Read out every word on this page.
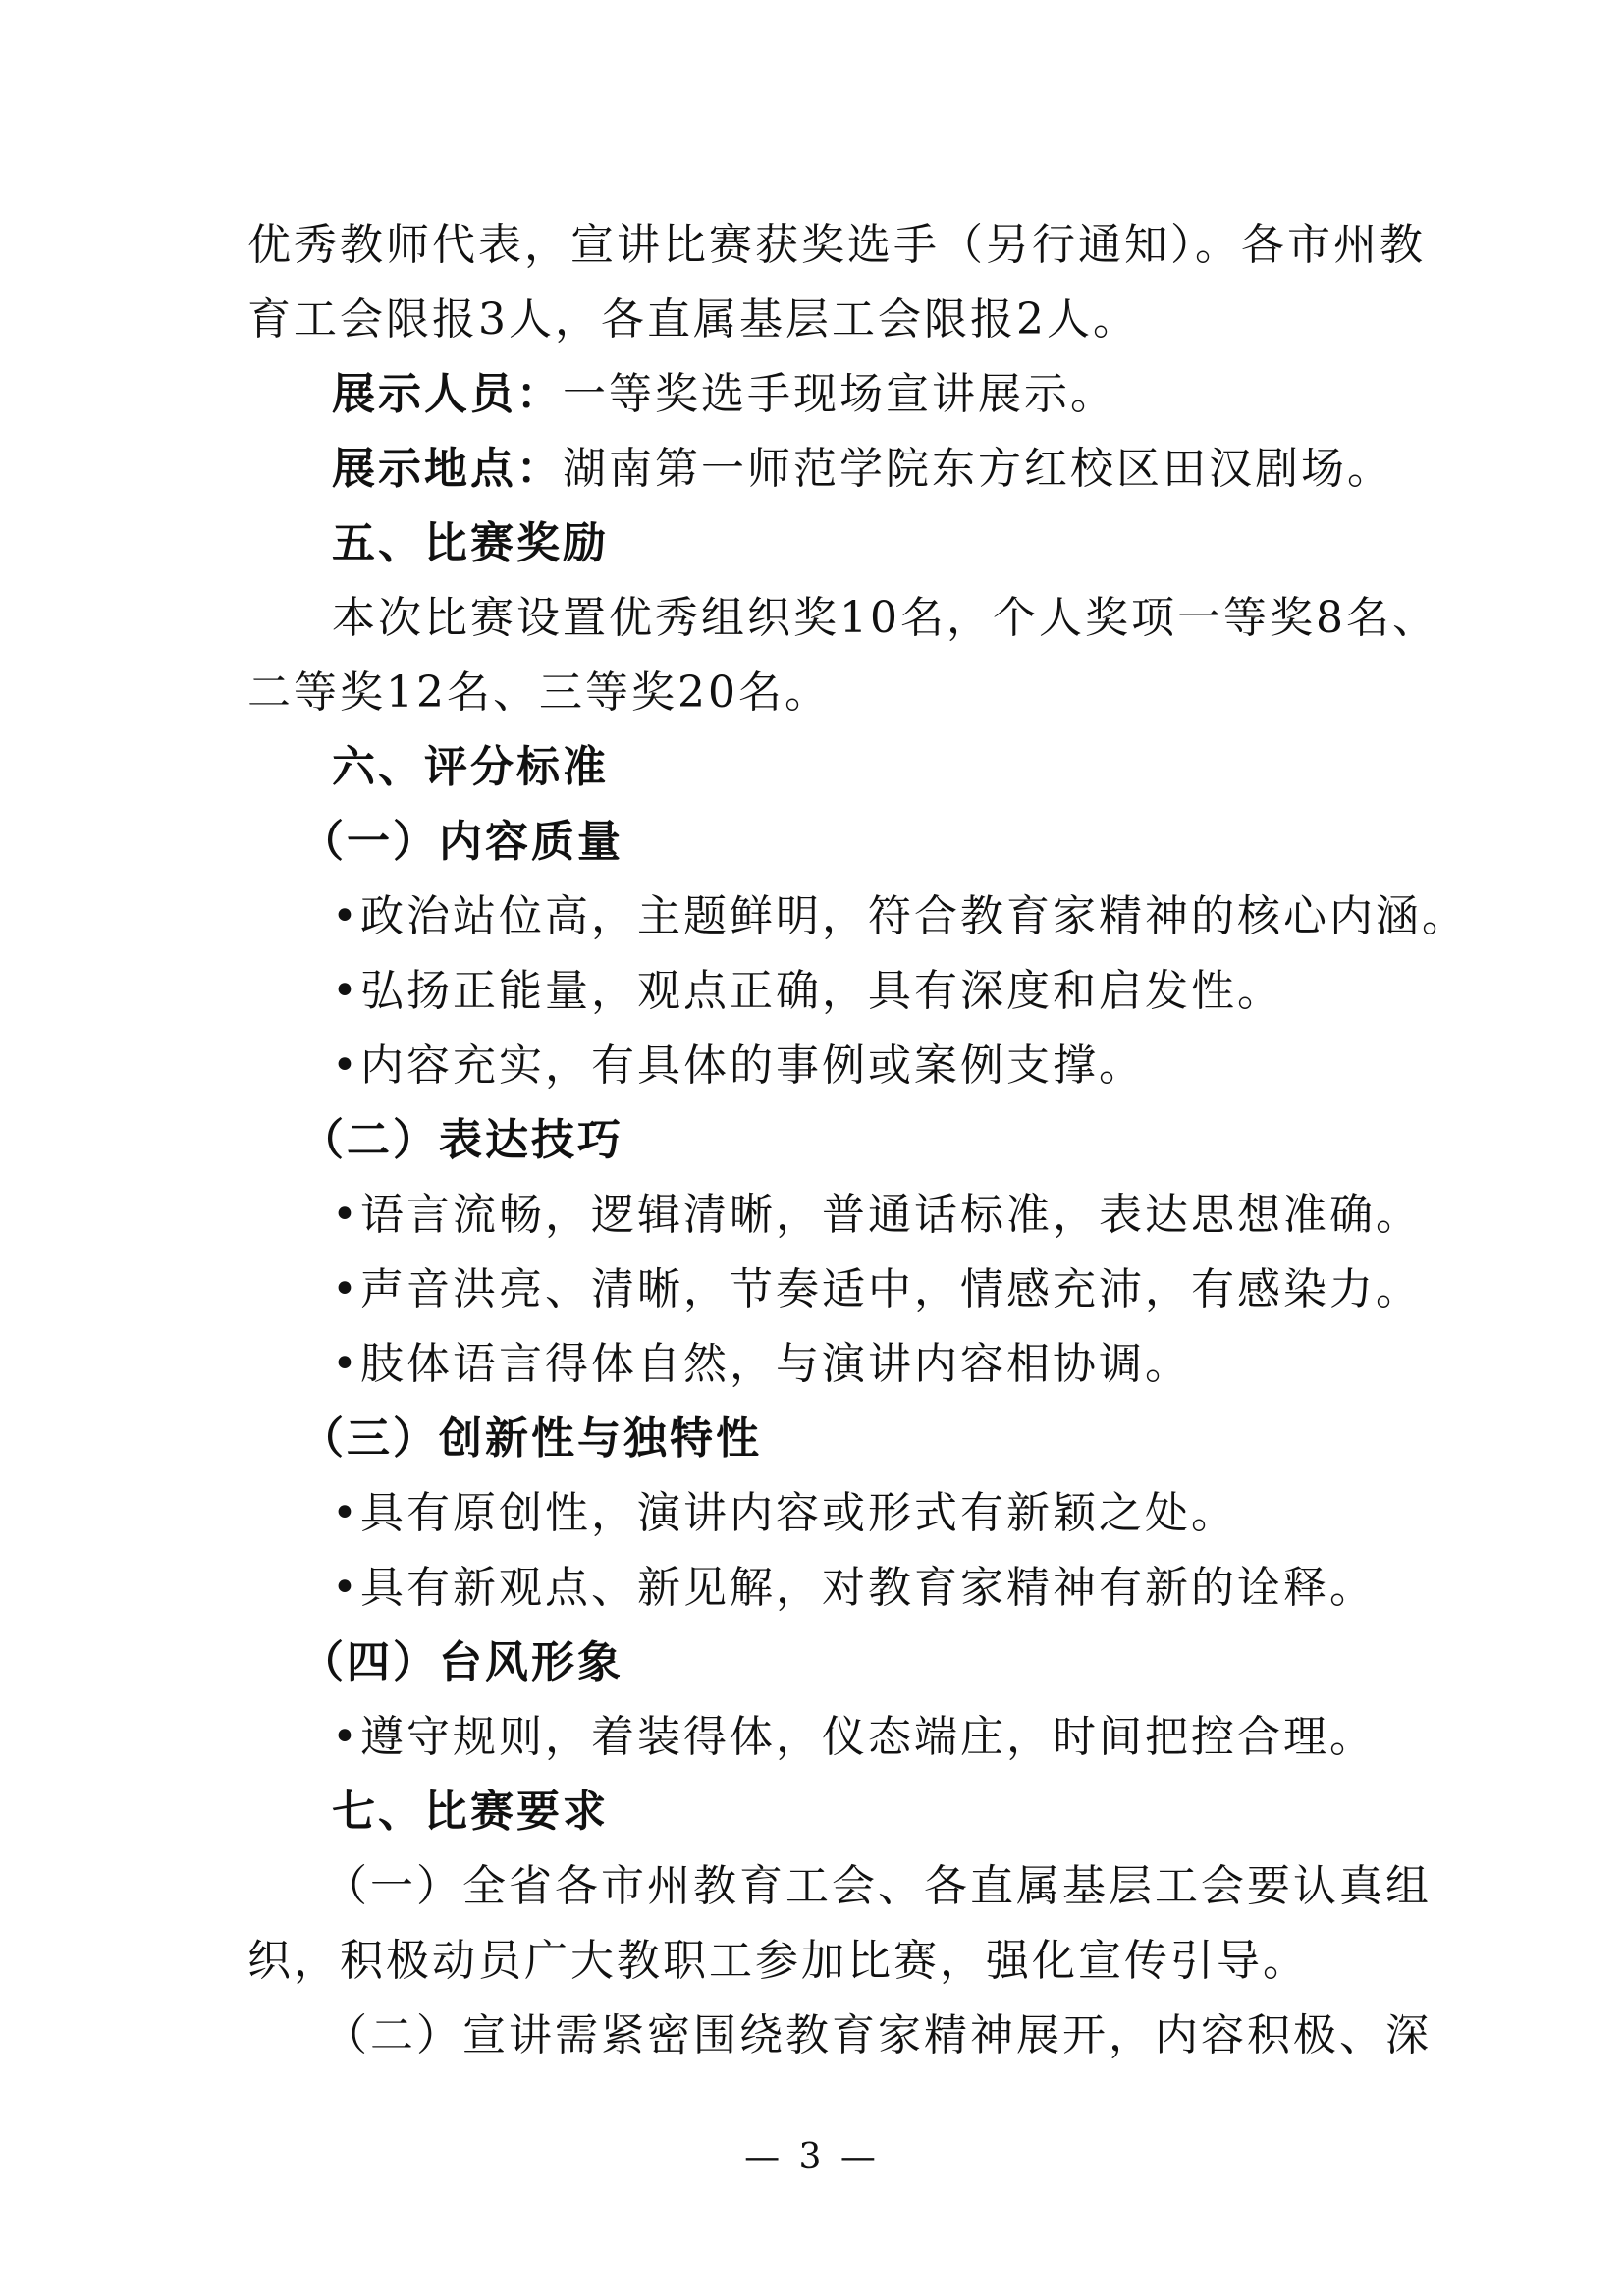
优秀教师代表，宣讲比赛获奖选手（另行通知）。各市州教
育工会限报3人，各直属基层工会限报2人。
展示人员：一等奖选手现场宣讲展示。
展示地点：湖南第一师范学院东方红校区田汉剧场。
五、比赛奖励
本次比赛设置优秀组织奖10名，个人奖项一等奖8名、
二等奖12名、三等奖20名。
六、评分标准
（一）内容质量
•政治站位高，主题鲜明，符合教育家精神的核心内涵。
•弘扬正能量，观点正确，具有深度和启发性。
•内容充实，有具体的事例或案例支撑。
（二）表达技巧
•语言流畅，逻辑清晰，普通话标准，表达思想准确。
•声音洪亮、清晰，节奏适中，情感充沛，有感染力。
•肢体语言得体自然，与演讲内容相协调。
（三）创新性与独特性
•具有原创性，演讲内容或形式有新颖之处。
•具有新观点、新见解，对教育家精神有新的诠释。
（四）台风形象
•遵守规则，着装得体，仪态端庄，时间把控合理。
七、比赛要求
（一）全省各市州教育工会、各直属基层工会要认真组
织，积极动员广大教职工参加比赛，强化宣传引导。
（二）宣讲需紧密围绕教育家精神展开，内容积极、深
— 3 —
